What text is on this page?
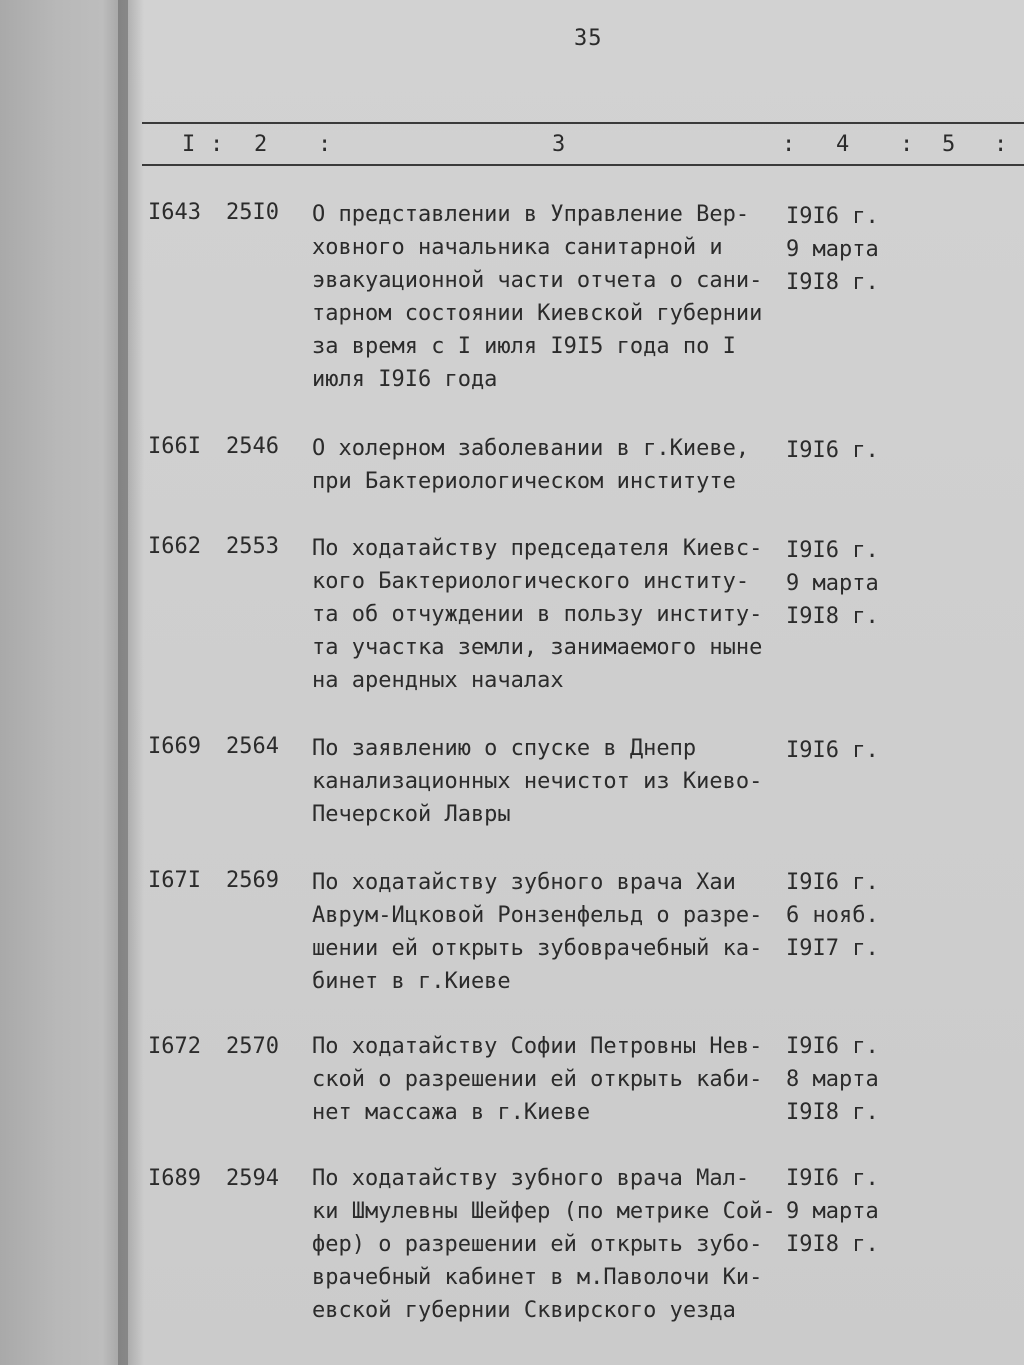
35
I : 2 :	3	: 4 : 5 :
I643 25I0 О представлении в Управление Вер-
ховного начальника санитарной и
эвакуационной части отчета о сани-
тарном состоянии Киевской губернии
за время с I июля I9I5 года по I
июля I9I6 года
I9I6 г.
9 марта
I9I8 г.
I66I 2546 О холерном заболевании в г.Киеве,
при Бактериологическом институте
I9I6 г.
I662 2553 По ходатайству председателя Киевс-
кого Бактериологического институ-
та об отчуждении в пользу институ-
та участка земли, занимаемого ныне
на арендных началах
I9I6 г.
9 марта
I9I8 г.
I669 2564 По заявлению о спуске в Днепр
канализационных нечистот из Киево-
Печерской Лавры
I9I6 г.
I67I 2569 По ходатайству зубного врача Хаи
Аврум-Ицковой Ронзенфельд о разре-
шении ей открыть зубоврачебный ка-
бинет в г.Киеве
I9I6 г.
6 нояб.
I9I7 г.
I672 2570 По ходатайству Софии Петровны Нев-
ской о разрешении ей открыть каби-
нет массажа в г.Киеве
I9I6 г.
8 марта
I9I8 г.
I689 2594 По ходатайству зубного врача Мал-
ки Шмулевны Шейфер (по метрике Сой-
фер) о разрешении ей открыть зубо-
врачебный кабинет в м.Паволочи Ки-
евской губернии Сквирского уезда
I9I6 г.
9 марта
I9I8 г.
